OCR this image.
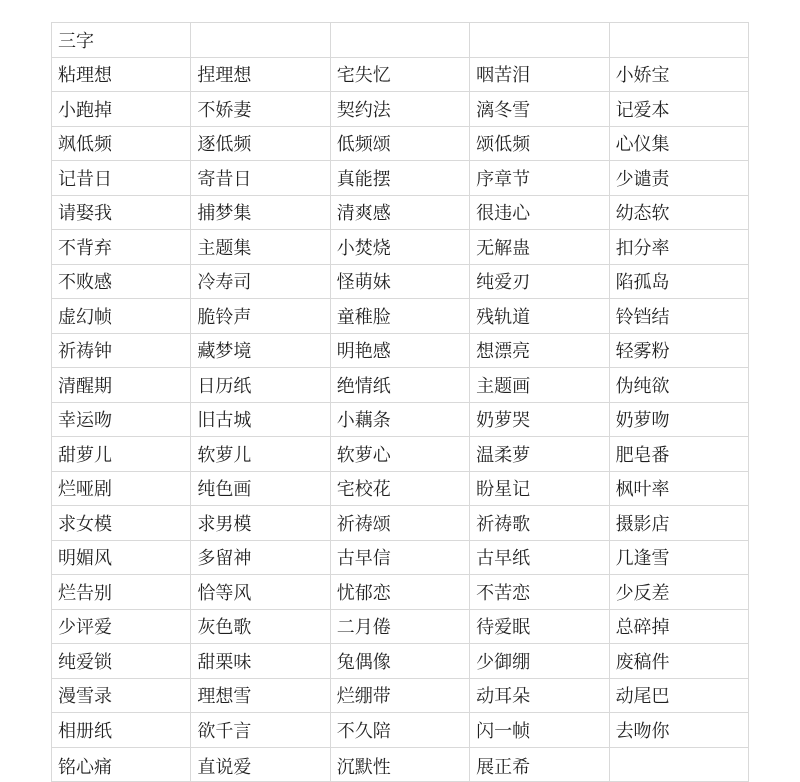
三字				
粘理想	捏理想	宅失忆	咽苦泪	小娇宝
小跑掉	不娇妻	契约法	漓冬雪	记爱本
飒低频	逐低频	低频颂	颂低频	心仪集
记昔日	寄昔日	真能摆	序章节	少谴责
请娶我	捕梦集	清爽感	很违心	幼态软
不背弃	主题集	小焚烧	无解蛊	扣分率
不败感	冷寿司	怪萌妹	纯爱刃	陷孤岛
虚幻帧	脆铃声	童稚脸	残轨道	铃铛结
祈祷钟	藏梦境	明艳感	想漂亮	轻雾粉
清醒期	日历纸	绝情纸	主题画	伪纯欲
幸运吻	旧古城	小藕条	奶萝哭	奶萝吻
甜萝儿	软萝儿	软萝心	温柔萝	肥皂番
烂哑剧	纯色画	宅校花	盼星记	枫叶率
求女模	求男模	祈祷颂	祈祷歌	摄影店
明媚风	多留神	古早信	古早纸	几逢雪
烂告别	恰等风	忧郁恋	不苦恋	少反差
少评爱	灰色歌	二月倦	待爱眠	总碎掉
纯爱锁	甜栗味	兔偶像	少御绷	废稿件
漫雪录	理想雪	烂绷带	动耳朵	动尾巴
相册纸	欲千言	不久陪	闪一帧	去吻你
铭心痛	直说爱	沉默性	展正希	
